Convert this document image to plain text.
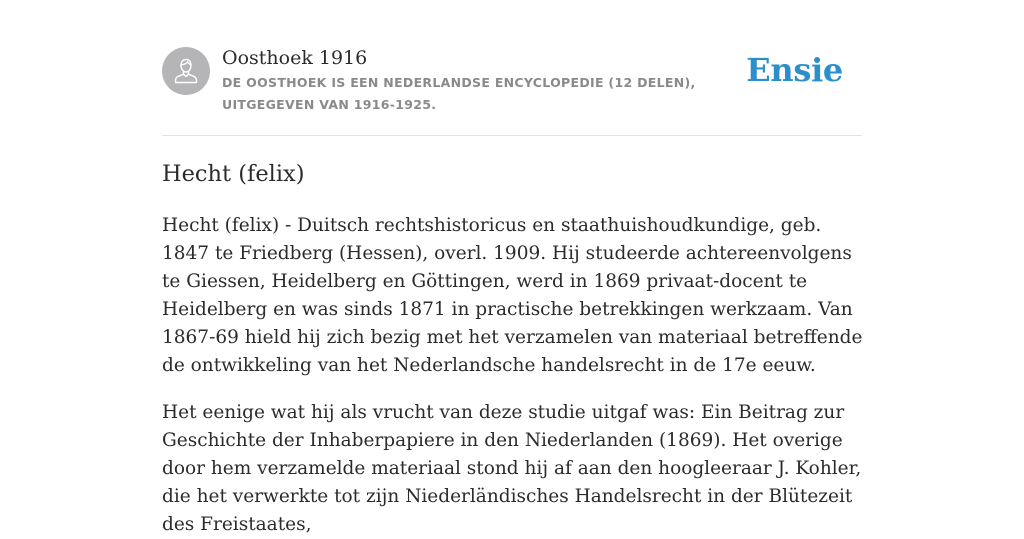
Oosthoek 1916
DE OOSTHOEK IS EEN NEDERLANDSE ENCYCLOPEDIE (12 DELEN), UITGEGEVEN VAN 1916-1925.
Ensie
Hecht (felix)

Hecht (felix) - Duitsch rechtshistoricus en staathuishoudkundige, geb. 1847 te Friedberg (Hessen), overl. 1909. Hij studeerde achtereenvolgens te Giessen, Heidelberg en Göttingen, werd in 1869 privaat-docent te Heidelberg en was sinds 1871 in practische betrekkingen werkzaam. Van 1867-69 hield hij zich bezig met het verzamelen van materiaal betreffende de ontwikkeling van het Nederlandsche handelsrecht in de 17e eeuw.

Het eenige wat hij als vrucht van deze studie uitgaf was: Ein Beitrag zur Geschichte der Inhaberpapiere in den Niederlanden (1869). Het overige door hem verzamelde materiaal stond hij af aan den hoogleeraar J. Kohler, die het verwerkte tot zijn Niederländisches Handelsrecht in der Blütezeit des Freistaates,
